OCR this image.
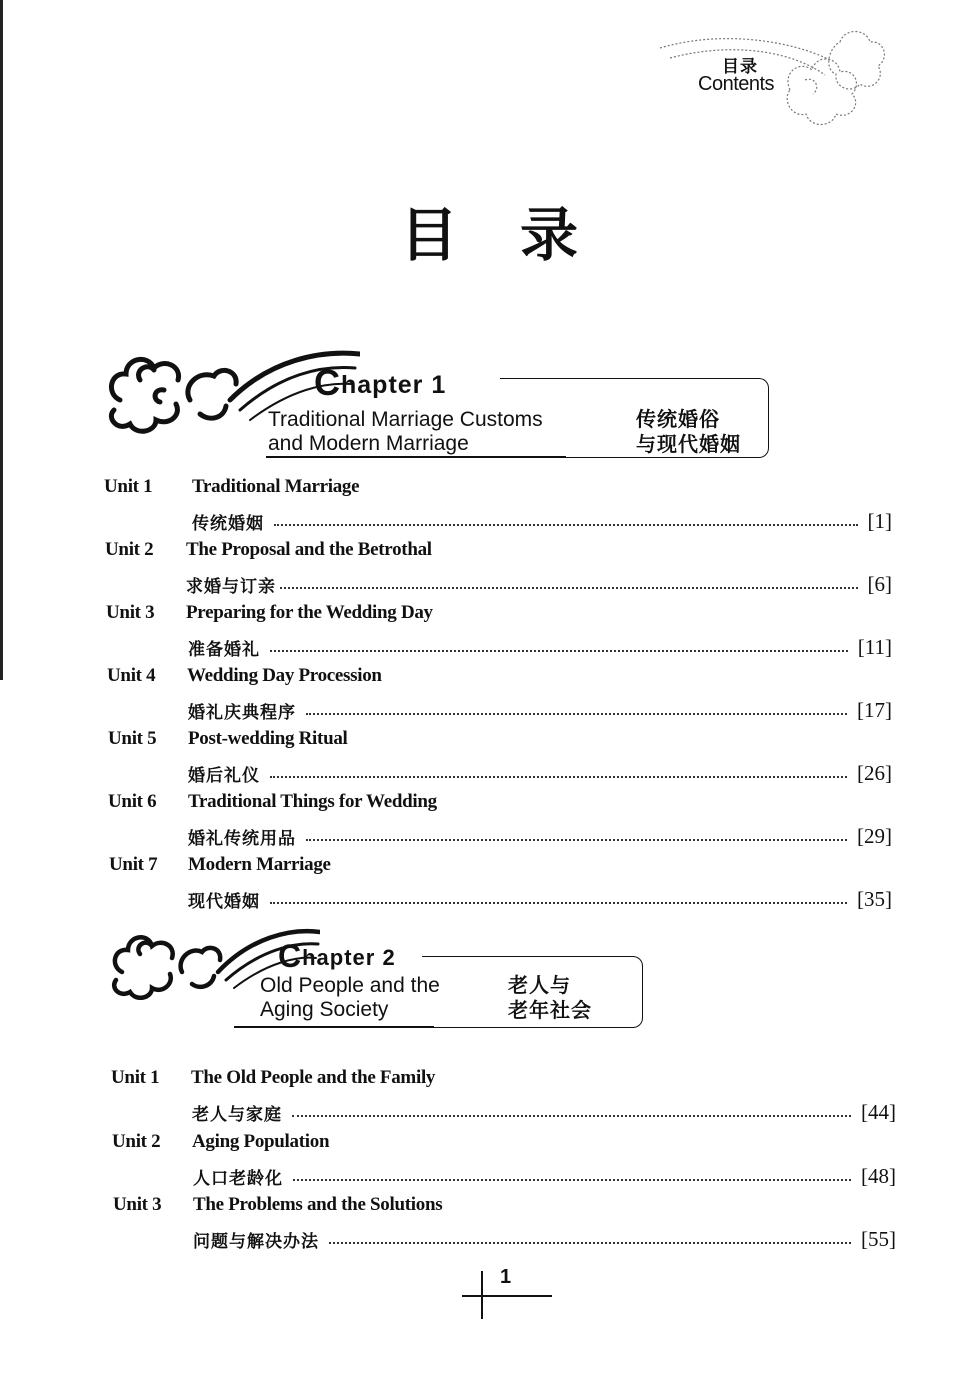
目录
Contents
目录
Chapter 1
Traditional Marriage Customs
and Modern Marriage
传统婚俗
与现代婚姻
Unit 1 Traditional Marriage
传统婚姻	[1]
Unit 2 The Proposal and the Betrothal
求婚与订亲	[6]
Unit 3 Preparing for the Wedding Day
准备婚礼	[11]
Unit 4 Wedding Day Procession
婚礼庆典程序	[17]
Unit 5 Post-wedding Ritual
婚后礼仪	[26]
Unit 6 Traditional Things for Wedding
婚礼传统用品	[29]
Unit 7 Modern Marriage
现代婚姻	[35]
Chapter 2
Old People and the
Aging Society
老人与
老年社会
Unit 1 The Old People and the Family
老人与家庭	[44]
Unit 2 Aging Population
人口老龄化	[48]
Unit 3 The Problems and the Solutions
问题与解决办法	[55]
1
